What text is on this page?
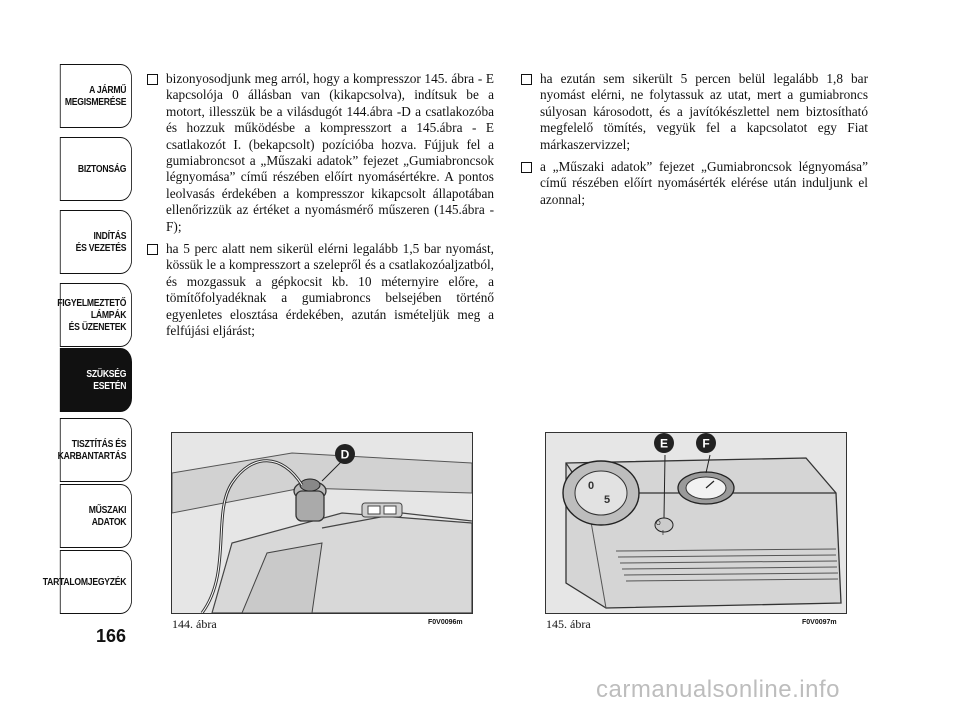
A JÁRMŰ
MEGISMERÉSE
BIZTONSÁG
INDÍTÁS
ÉS VEZETÉS
FIGYELMEZTETŐ
LÁMPÁK
ÉS ÜZENETEK
SZÜKSÉG
ESETÉN
TISZTÍTÁS ÉS
KARBANTARTÁS
MŰSZAKI
ADATOK
TARTALOMJEGYZÉK
166
bizonyosodjunk meg arról, hogy a kompresszor 145. ábra - E kapcsolója 0 állásban van (kikapcsolva), indítsuk be a motort, illesszük be a vilásdugót 144.ábra -D a csatlakozóba és hozzuk működésbe a kompresszort a 145.ábra - E csatlakozót I. (bekapcsolt) pozícióba hozva. Fújjuk fel a gumiabroncsot a „Műszaki adatok” fejezet „Gumiabroncsok légnyomása” című részében előírt nyomásértékre. A pontos leolvasás érdekében a kompresszor kikapcsolt állapotában ellenőrizzük az értéket a nyomásmérő műszeren (145.ábra - F);
ha 5 perc alatt nem sikerül elérni legalább 1,5 bar nyomást, kössük le a kompresszort a szelepről és a csatlakozóaljzatból, és mozgassuk a gépkocsit kb. 10 méternyire előre, a tömítőfolyadéknak a gumiabroncs belsejében történő egyenletes elosztása érdekében, azután ismételjük meg a felfújási eljárást;
ha ezután sem sikerült 5 percen belül legalább 1,8 bar nyomást elérni, ne folytassuk az utat, mert a gumiabroncs súlyosan károsodott, és a javítókészlettel nem biztosítható megfelelő tömítés, vegyük fel a kapcsolatot egy Fiat márkaszervizzel;
a „Műszaki adatok” fejezet „Gumiabroncsok légnyomása” című részében előírt nyomásérték elérése után induljunk el azonnal;
D
144. ábra	F0V0096m
0
5
O
I
E	F
145. ábra	F0V0097m
carmanualsonline.info
